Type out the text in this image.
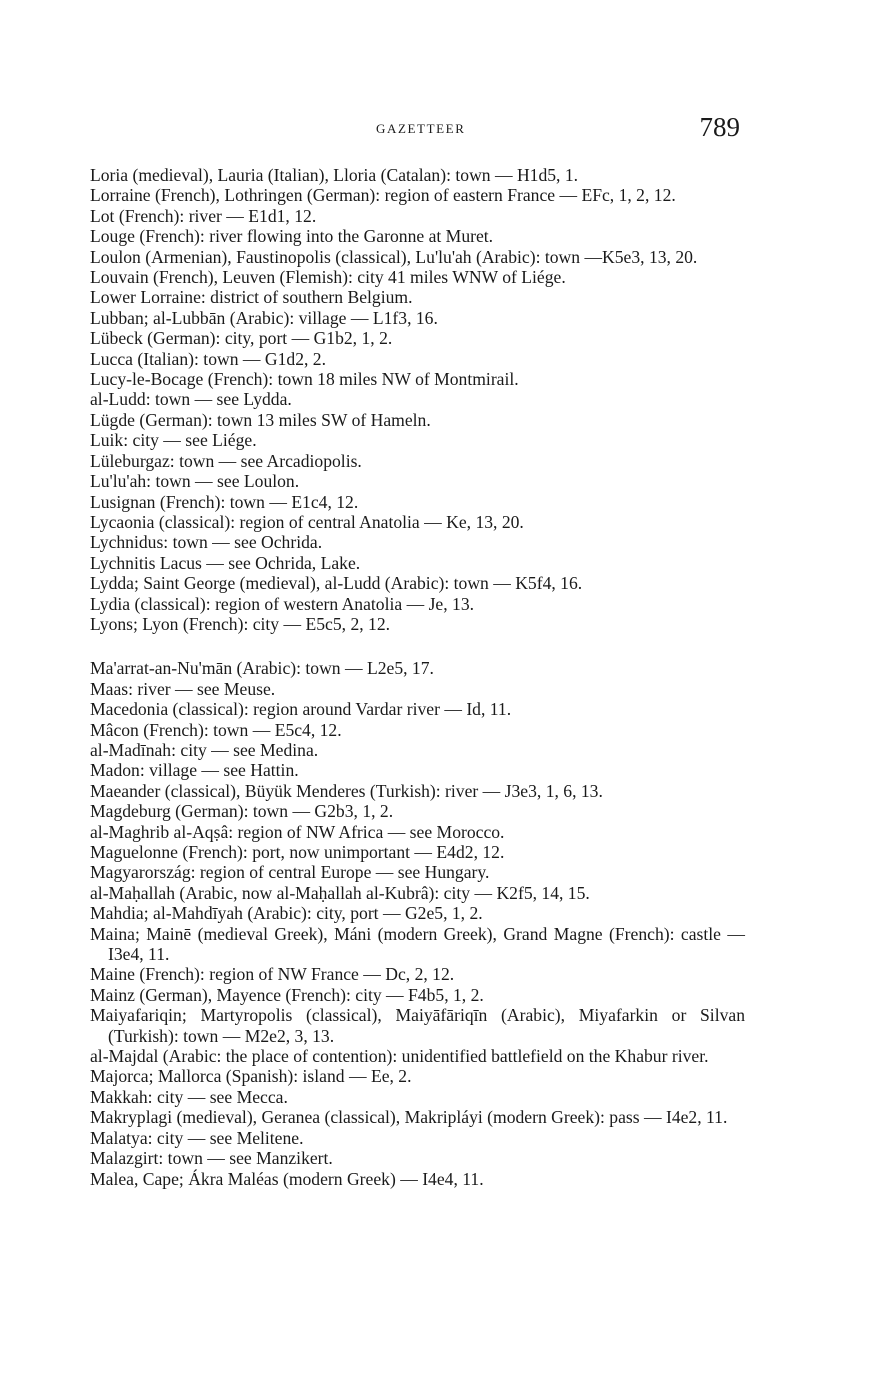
GAZETTEER	789
Loria (medieval), Lauria (Italian), Lloria (Catalan): town — H1d5, 1.
Lorraine (French), Lothringen (German): region of eastern France — EFc, 1, 2, 12.
Lot (French): river — E1d1, 12.
Louge (French): river flowing into the Garonne at Muret.
Loulon (Armenian), Faustinopolis (classical), Lu'lu'ah (Arabic): town —K5e3, 13, 20.
Louvain (French), Leuven (Flemish): city 41 miles WNW of Liége.
Lower Lorraine: district of southern Belgium.
Lubban; al-Lubbān (Arabic): village — L1f3, 16.
Lübeck (German): city, port — G1b2, 1, 2.
Lucca (Italian): town — G1d2, 2.
Lucy-le-Bocage (French): town 18 miles NW of Montmirail.
al-Ludd: town — see Lydda.
Lügde (German): town 13 miles SW of Hameln.
Luik: city — see Liége.
Lüleburgaz: town — see Arcadiopolis.
Lu'lu'ah: town — see Loulon.
Lusignan (French): town — E1c4, 12.
Lycaonia (classical): region of central Anatolia — Ke, 13, 20.
Lychnidus: town — see Ochrida.
Lychnitis Lacus — see Ochrida, Lake.
Lydda; Saint George (medieval), al-Ludd (Arabic): town — K5f4, 16.
Lydia (classical): region of western Anatolia — Je, 13.
Lyons; Lyon (French): city — E5c5, 2, 12.
Ma'arrat-an-Nu'mān (Arabic): town — L2e5, 17.
Maas: river — see Meuse.
Macedonia (classical): region around Vardar river — Id, 11.
Mâcon (French): town — E5c4, 12.
al-Madīnah: city — see Medina.
Madon: village — see Hattin.
Maeander (classical), Büyük Menderes (Turkish): river — J3e3, 1, 6, 13.
Magdeburg (German): town — G2b3, 1, 2.
al-Maghrib al-Aqṣâ: region of NW Africa — see Morocco.
Maguelonne (French): port, now unimportant — E4d2, 12.
Magyarország: region of central Europe — see Hungary.
al-Maḥallah (Arabic, now al-Maḥallah al-Kubrâ): city — K2f5, 14, 15.
Mahdia; al-Mahdīyah (Arabic): city, port — G2e5, 1, 2.
Maina; Mainē (medieval Greek), Máni (modern Greek), Grand Magne (French): castle — I3e4, 11.
Maine (French): region of NW France — Dc, 2, 12.
Mainz (German), Mayence (French): city — F4b5, 1, 2.
Maiyafariqin; Martyropolis (classical), Maiyāfāriqīn (Arabic), Miyafarkin or Silvan (Turkish): town — M2e2, 3, 13.
al-Majdal (Arabic: the place of contention): unidentified battlefield on the Khabur river.
Majorca; Mallorca (Spanish): island — Ee, 2.
Makkah: city — see Mecca.
Makryplagi (medieval), Geranea (classical), Makripláyi (modern Greek): pass — I4e2, 11.
Malatya: city — see Melitene.
Malazgirt: town — see Manzikert.
Malea, Cape; Ákra Maléas (modern Greek) — I4e4, 11.
